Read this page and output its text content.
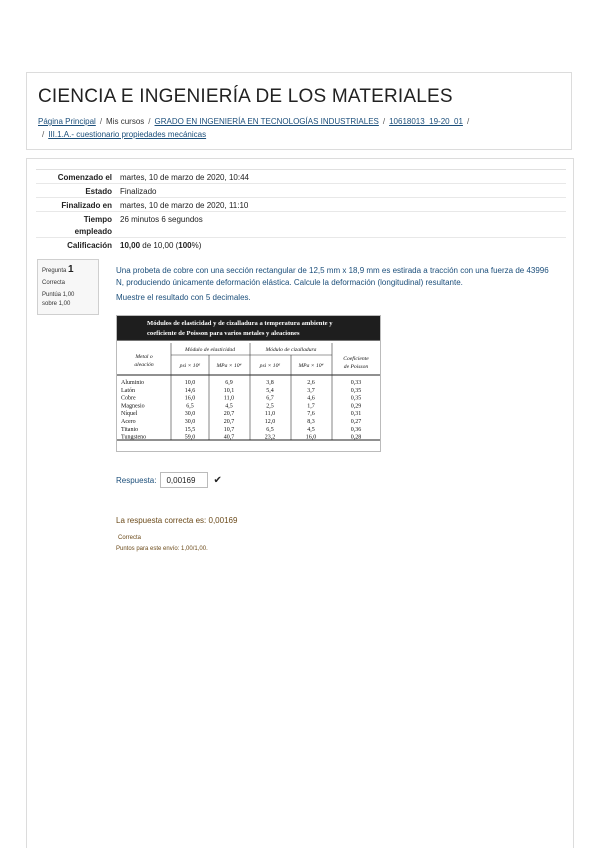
CIENCIA E INGENIERÍA DE LOS MATERIALES
Página Principal / Mis cursos / GRADO EN INGENIERÍA EN TECNOLOGÍAS INDUSTRIALES / 10618013_19-20_01 /
/ III.1.A.- cuestionario propiedades mecánicas
Comenzado el	martes, 10 de marzo de 2020, 10:44
Estado	Finalizado
Finalizado en	martes, 10 de marzo de 2020, 11:10
Tiempo
empleado
26 minutos 6 segundos
Calificación	10,00 de 10,00 (100%)
Pregunta 1
Correcta
Puntúa 1,00
sobre 1,00
Una probeta de cobre con una sección rectangular de 12,5 mm x 18,9 mm es estirada a tracción con una fuerza de 43996 N, produciendo únicamente deformación elástica. Calcule la deformación (longitudinal) resultante.
Muestre el resultado con 5 decimales.
Módulos de elasticidad y de cizalladura a temperatura ambiente y
coeficiente de Poisson para varios metales y aleaciones
Módulo de elasticidad	Módulo de cizalladura
Metal o
aleación	psi × 10⁶	MPa × 10⁴	psi × 10⁶	MPa × 10⁴
Coeficiente
de Poisson
Aluminio	10,0	6,9	3,8	2,6	0,33
Latón	14,6	10,1	5,4	3,7	0,35
Cobre	16,0	11,0	6,7	4,6	0,35
Magnesio	6,5	4,5	2,5	1,7	0,29
Níquel	30,0	20,7	11,0	7,6	0,31
Acero	30,0	20,7	12,0	8,3	0,27
Titanio	15,5	10,7	6,5	4,5	0,36
Tungsteno	59,0	40,7	23,2	16,0	0,28
Respuesta:	0,00169	✔
La respuesta correcta es: 0,00169
Correcta
Puntos para este envío: 1,00/1,00.
